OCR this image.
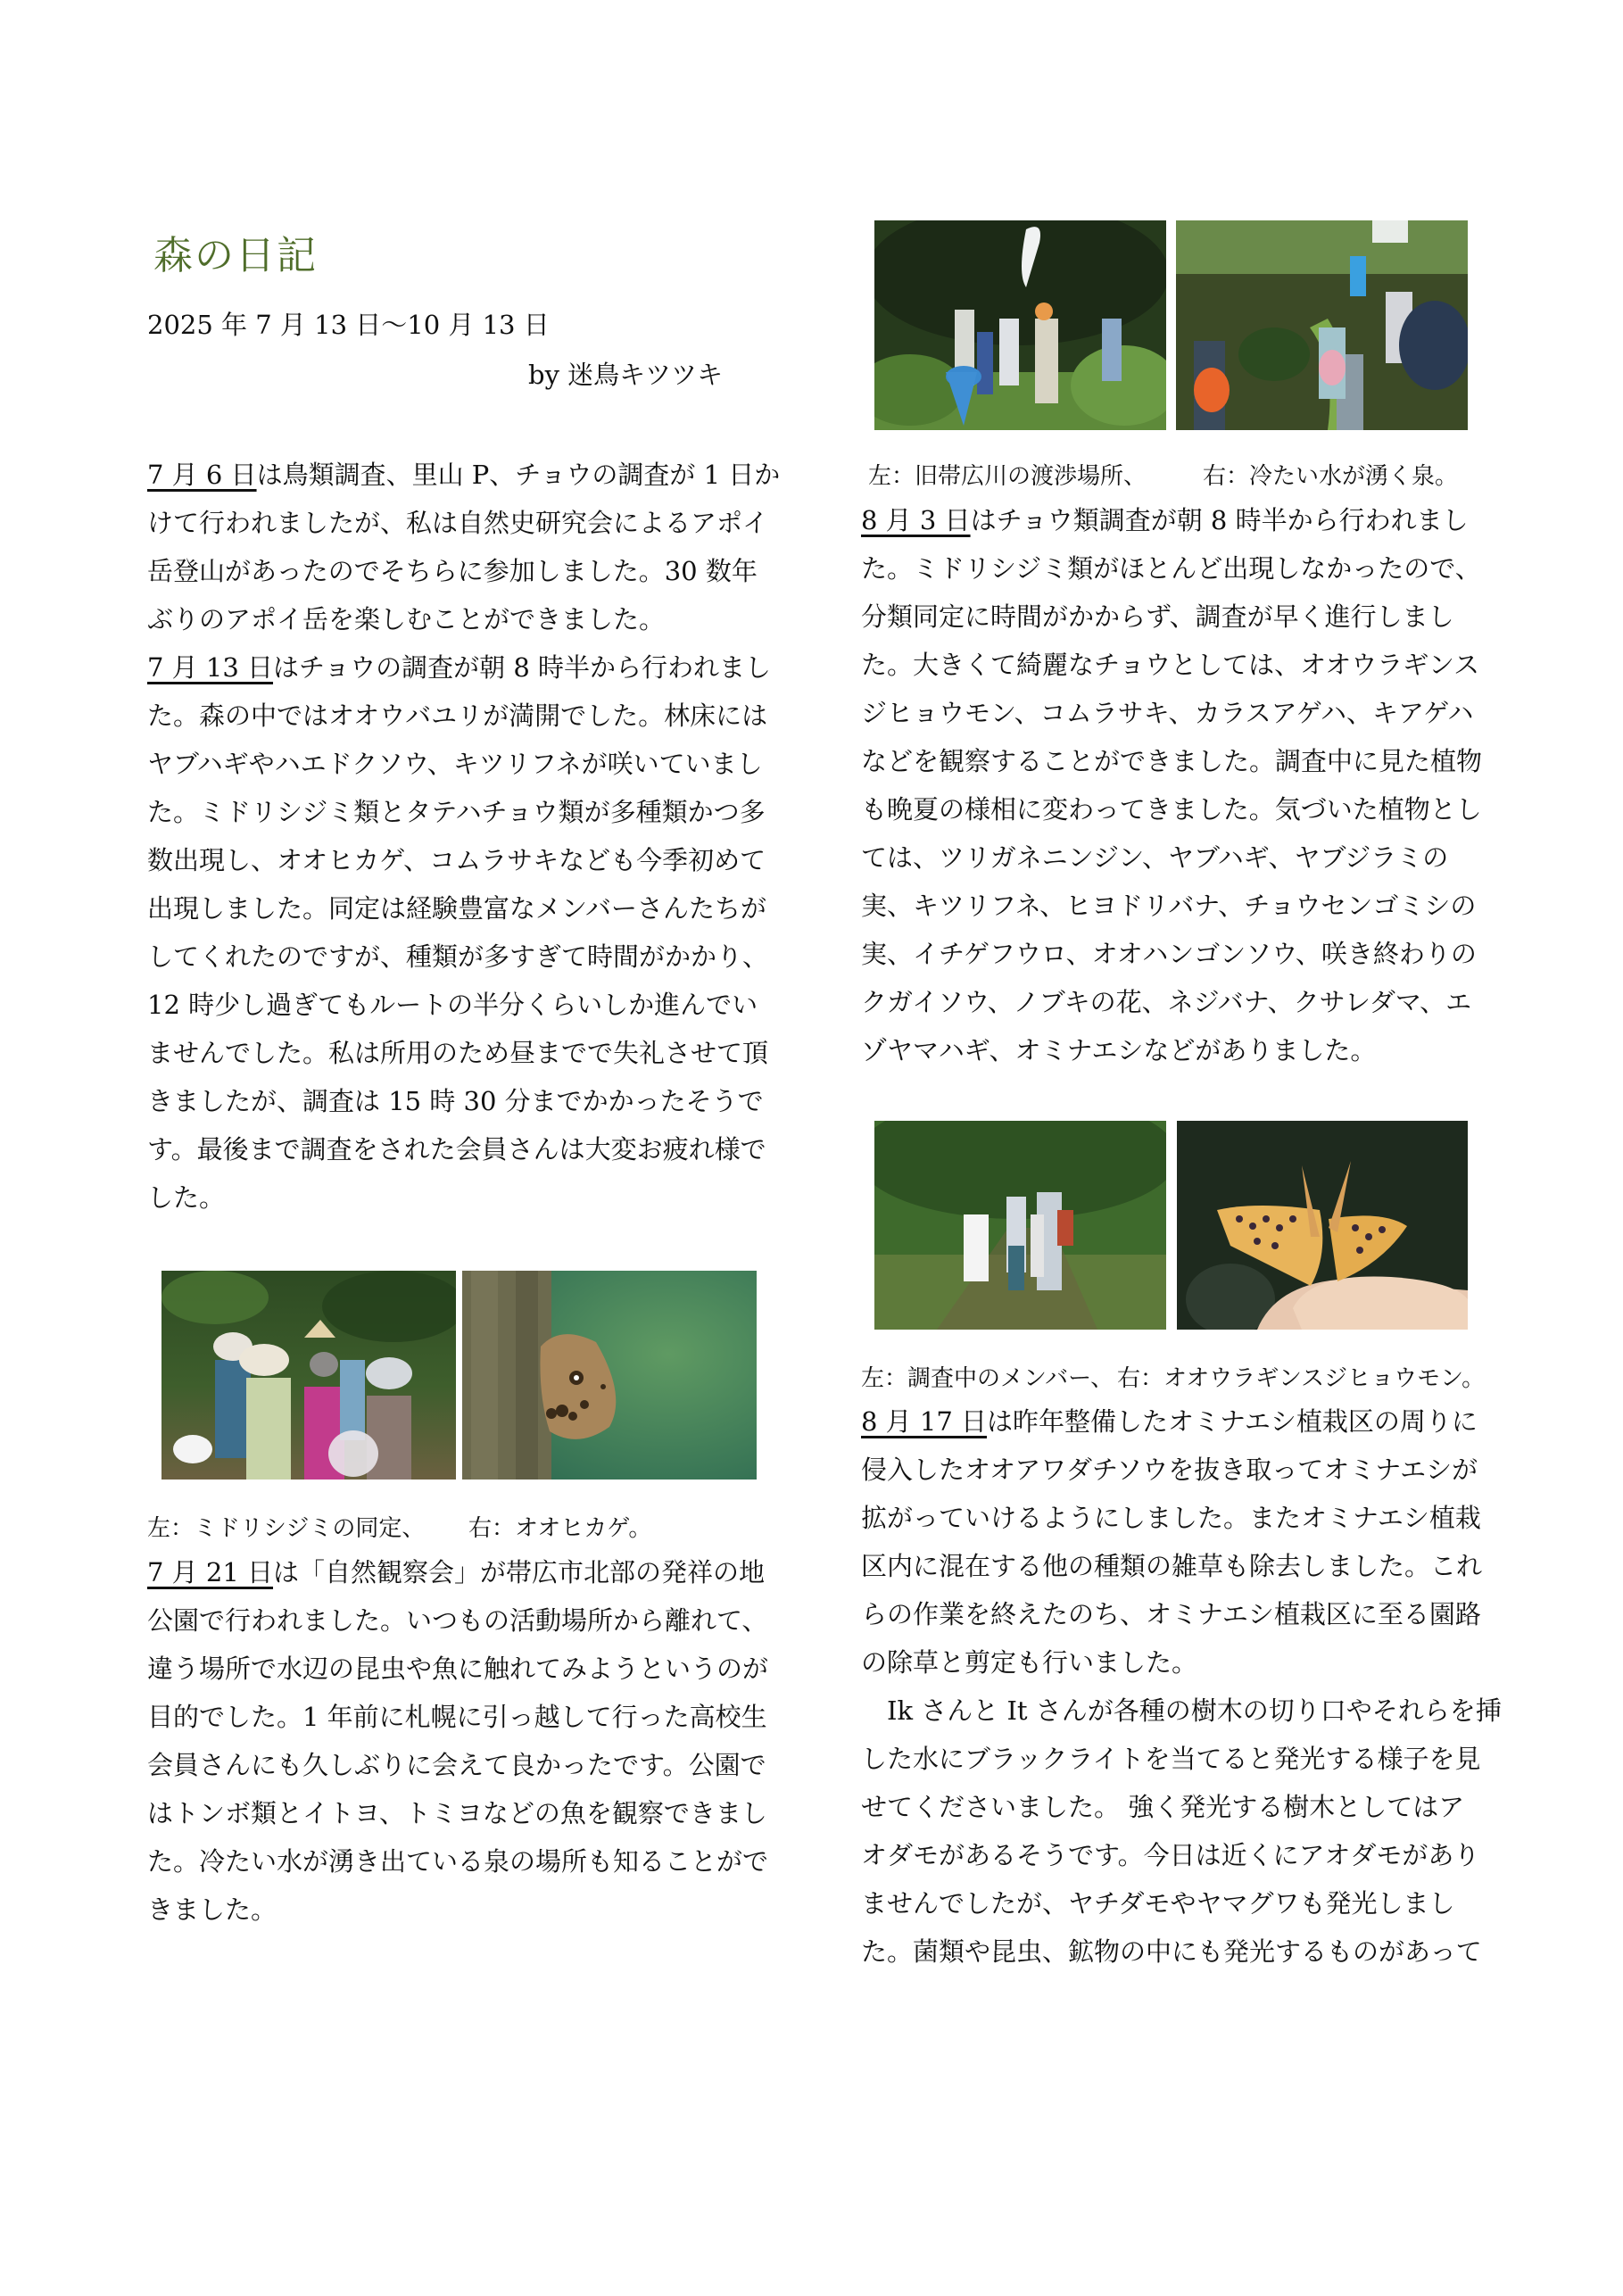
森の日記
2025 年 7 月 13 日〜10 月 13 日
by 迷鳥キツツキ
7 月 6 日は鳥類調査、里山 P、チョウの調査が 1 日か
けて行われましたが、私は自然史研究会によるアポイ
岳登山があったのでそちらに参加しました。30 数年
ぶりのアポイ岳を楽しむことができました。
7 月 13 日はチョウの調査が朝 8 時半から行われまし
た。森の中ではオオウバユリが満開でした。林床には
ヤブハギやハエドクソウ、キツリフネが咲いていまし
た。ミドリシジミ類とタテハチョウ類が多種類かつ多
数出現し、オオヒカゲ、コムラサキなども今季初めて
出現しました。同定は経験豊富なメンバーさんたちが
してくれたのですが、種類が多すぎて時間がかかり、
12 時少し過ぎてもルートの半分くらいしか進んでい
ませんでした。私は所用のため昼までで失礼させて頂
きましたが、調査は 15 時 30 分までかかったそうで
す。最後まで調査をされた会員さんは大変お疲れ様で
した。
左：ミドリシジミの同定、 右：オオヒカゲ。
7 月 21 日は「自然観察会」が帯広市北部の発祥の地
公園で行われました。いつもの活動場所から離れて、
違う場所で水辺の昆虫や魚に触れてみようというのが
目的でした。1 年前に札幌に引っ越して行った高校生
会員さんにも久しぶりに会えて良かったです。公園で
はトンボ類とイトヨ、トミヨなどの魚を観察できまし
た。冷たい水が湧き出ている泉の場所も知ることがで
きました。
左：旧帯広川の渡渉場所、 右：冷たい水が湧く泉。
8 月 3 日はチョウ類調査が朝 8 時半から行われまし
た。ミドリシジミ類がほとんど出現しなかったので、
分類同定に時間がかからず、調査が早く進行しまし
た。大きくて綺麗なチョウとしては、オオウラギンス
ジヒョウモン、コムラサキ、カラスアゲハ、キアゲハ
などを観察することができました。調査中に見た植物
も晩夏の様相に変わってきました。気づいた植物とし
ては、ツリガネニンジン、ヤブハギ、ヤブジラミの
実、キツリフネ、ヒヨドリバナ、チョウセンゴミシの
実、イチゲフウロ、オオハンゴンソウ、咲き終わりの
クガイソウ、ノブキの花、ネジバナ、クサレダマ、エ
ゾヤマハギ、オミナエシなどがありました。
左：調査中のメンバー、 右：オオウラギンスジヒョウモン。
8 月 17 日は昨年整備したオミナエシ植栽区の周りに
侵入したオオアワダチソウを抜き取ってオミナエシが
拡がっていけるようにしました。またオミナエシ植栽
区内に混在する他の種類の雑草も除去しました。これ
らの作業を終えたのち、オミナエシ植栽区に至る園路
の除草と剪定も行いました。
　Ik さんと It さんが各種の樹木の切り口やそれらを挿
した水にブラックライトを当てると発光する様子を見
せてくださいました。 強く発光する樹木としてはア
オダモがあるそうです。今日は近くにアオダモがあり
ませんでしたが、ヤチダモやヤマグワも発光しまし
た。菌類や昆虫、鉱物の中にも発光するものがあって
